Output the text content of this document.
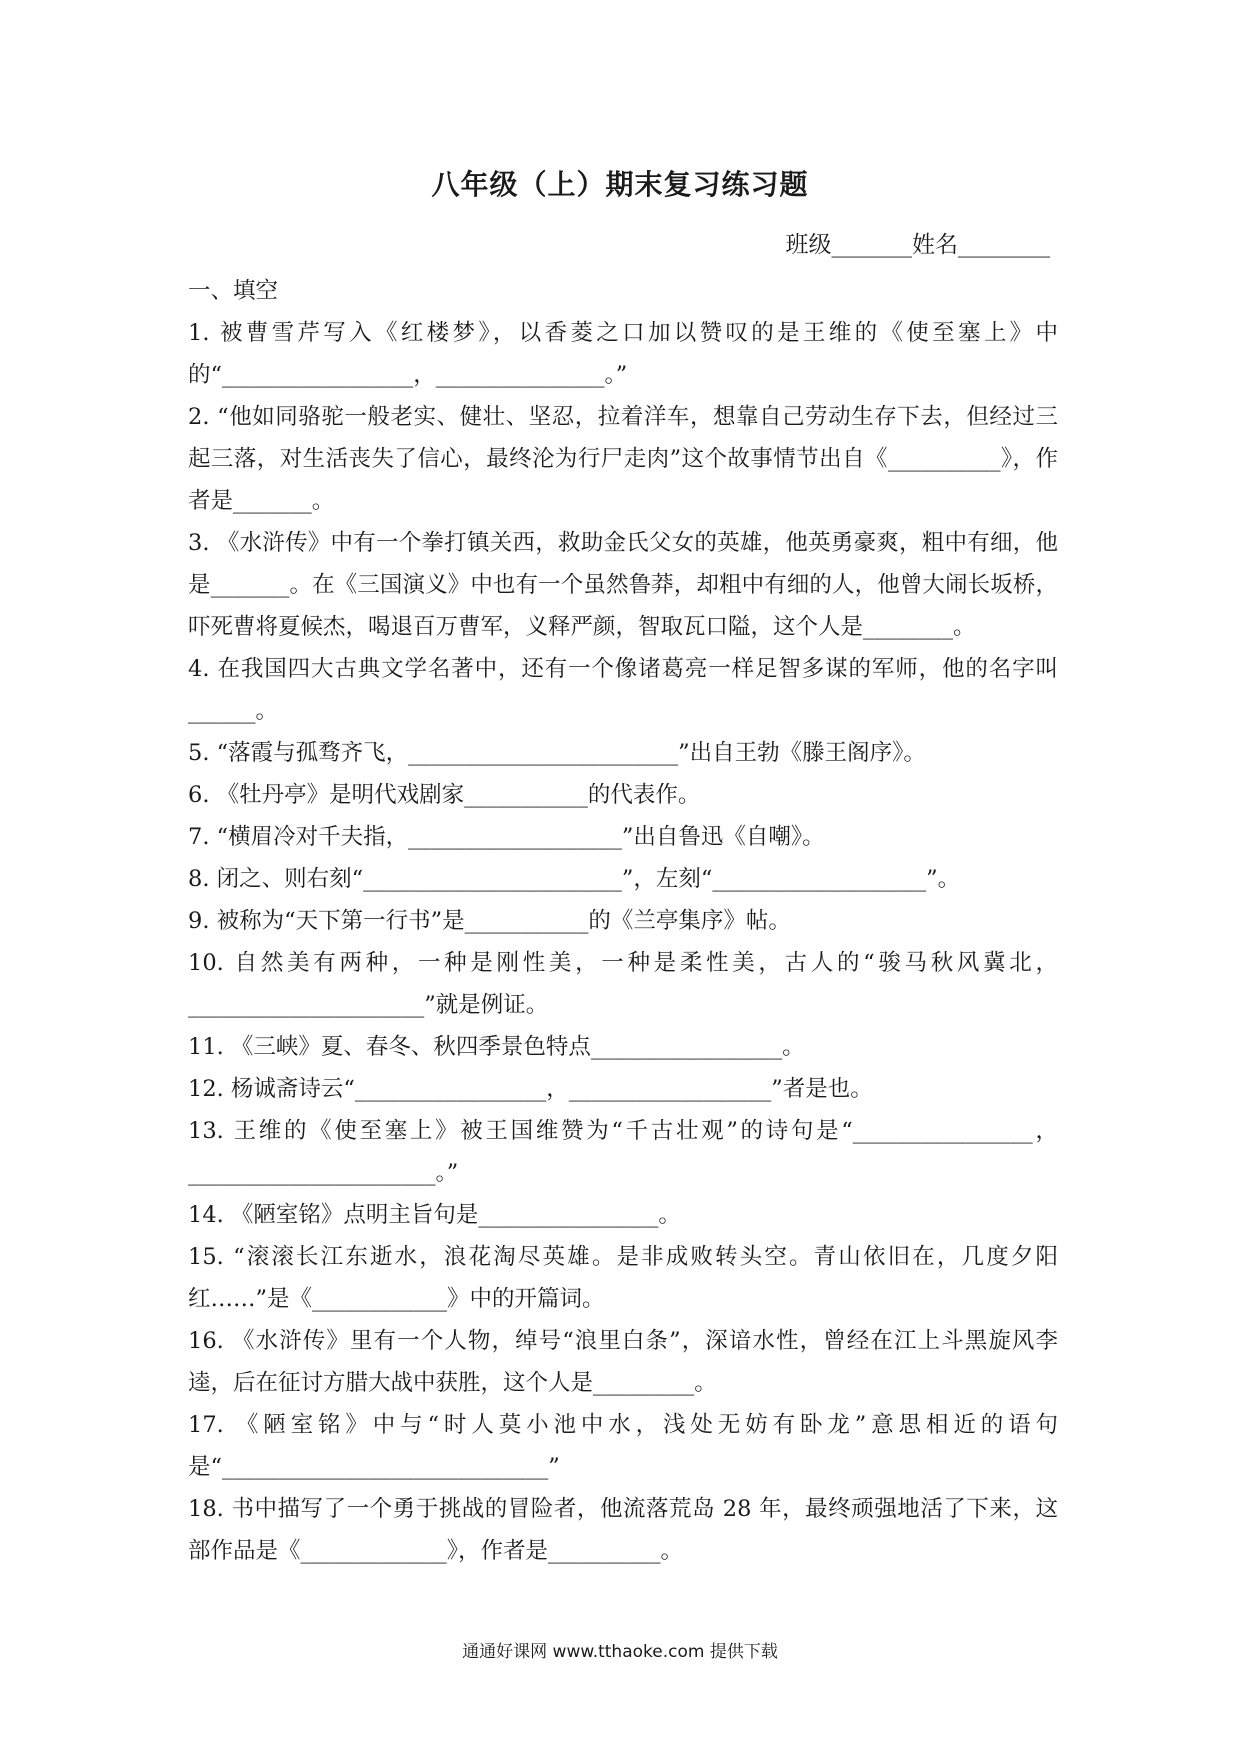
八年级（上）期末复习练习题
班级_______姓名________

一、填空

1. 被曹雪芹写入《红楼梦》，以香菱之口加以赞叹的是王维的《使至塞上》中的“_________________，_______________。”

2. “他如同骆驼一般老实、健壮、坚忍，拉着洋车，想靠自己劳动生存下去，但经过三起三落，对生活丧失了信心，最终沦为行尸走肉”这个故事情节出自《__________》，作者是_______。

3. 《水浒传》中有一个拳打镇关西，救助金氏父女的英雄，他英勇豪爽，粗中有细，他是_______。在《三国演义》中也有一个虽然鲁莽，却粗中有细的人，他曾大闹长坂桥，吓死曹将夏候杰，喝退百万曹军，义释严颜，智取瓦口隘，这个人是________。

4. 在我国四大古典文学名著中，还有一个像诸葛亮一样足智多谋的军师，他的名字叫______。

5. “落霞与孤骛齐飞，________________________”出自王勃《滕王阁序》。

6. 《牡丹亭》是明代戏剧家___________的代表作。

7. “横眉冷对千夫指，___________________”出自鲁迅《自嘲》。

8. 闭之、则右刻“_______________________”，左刻“___________________”。

9. 被称为“天下第一行书”是___________的《兰亭集序》帖。

10. 自然美有两种，一种是刚性美，一种是柔性美，古人的“骏马秋风冀北，_____________________”就是例证。

11. 《三峡》夏、春冬、秋四季景色特点_________________。

12. 杨诚斋诗云“_________________，__________________”者是也。

13. 王维的《使至塞上》被王国维赞为“千古壮观”的诗句是“________________，______________________。”

14. 《陋室铭》点明主旨句是________________。

15. “滚滚长江东逝水，浪花淘尽英雄。是非成败转头空。青山依旧在，几度夕阳红……”是《____________》中的开篇词。

16. 《水浒传》里有一个人物，绰号“浪里白条”，深谙水性，曾经在江上斗黑旋风李逵，后在征讨方腊大战中获胜，这个人是_________。

17. 《陋室铭》中与“时人莫小池中水，浅处无妨有卧龙”意思相近的语句是“_____________________________”

18. 书中描写了一个勇于挑战的冒险者，他流落荒岛 28 年，最终顽强地活了下来，这部作品是《_____________》，作者是__________。

通通好课网 www.tthaoke.com 提供下载
